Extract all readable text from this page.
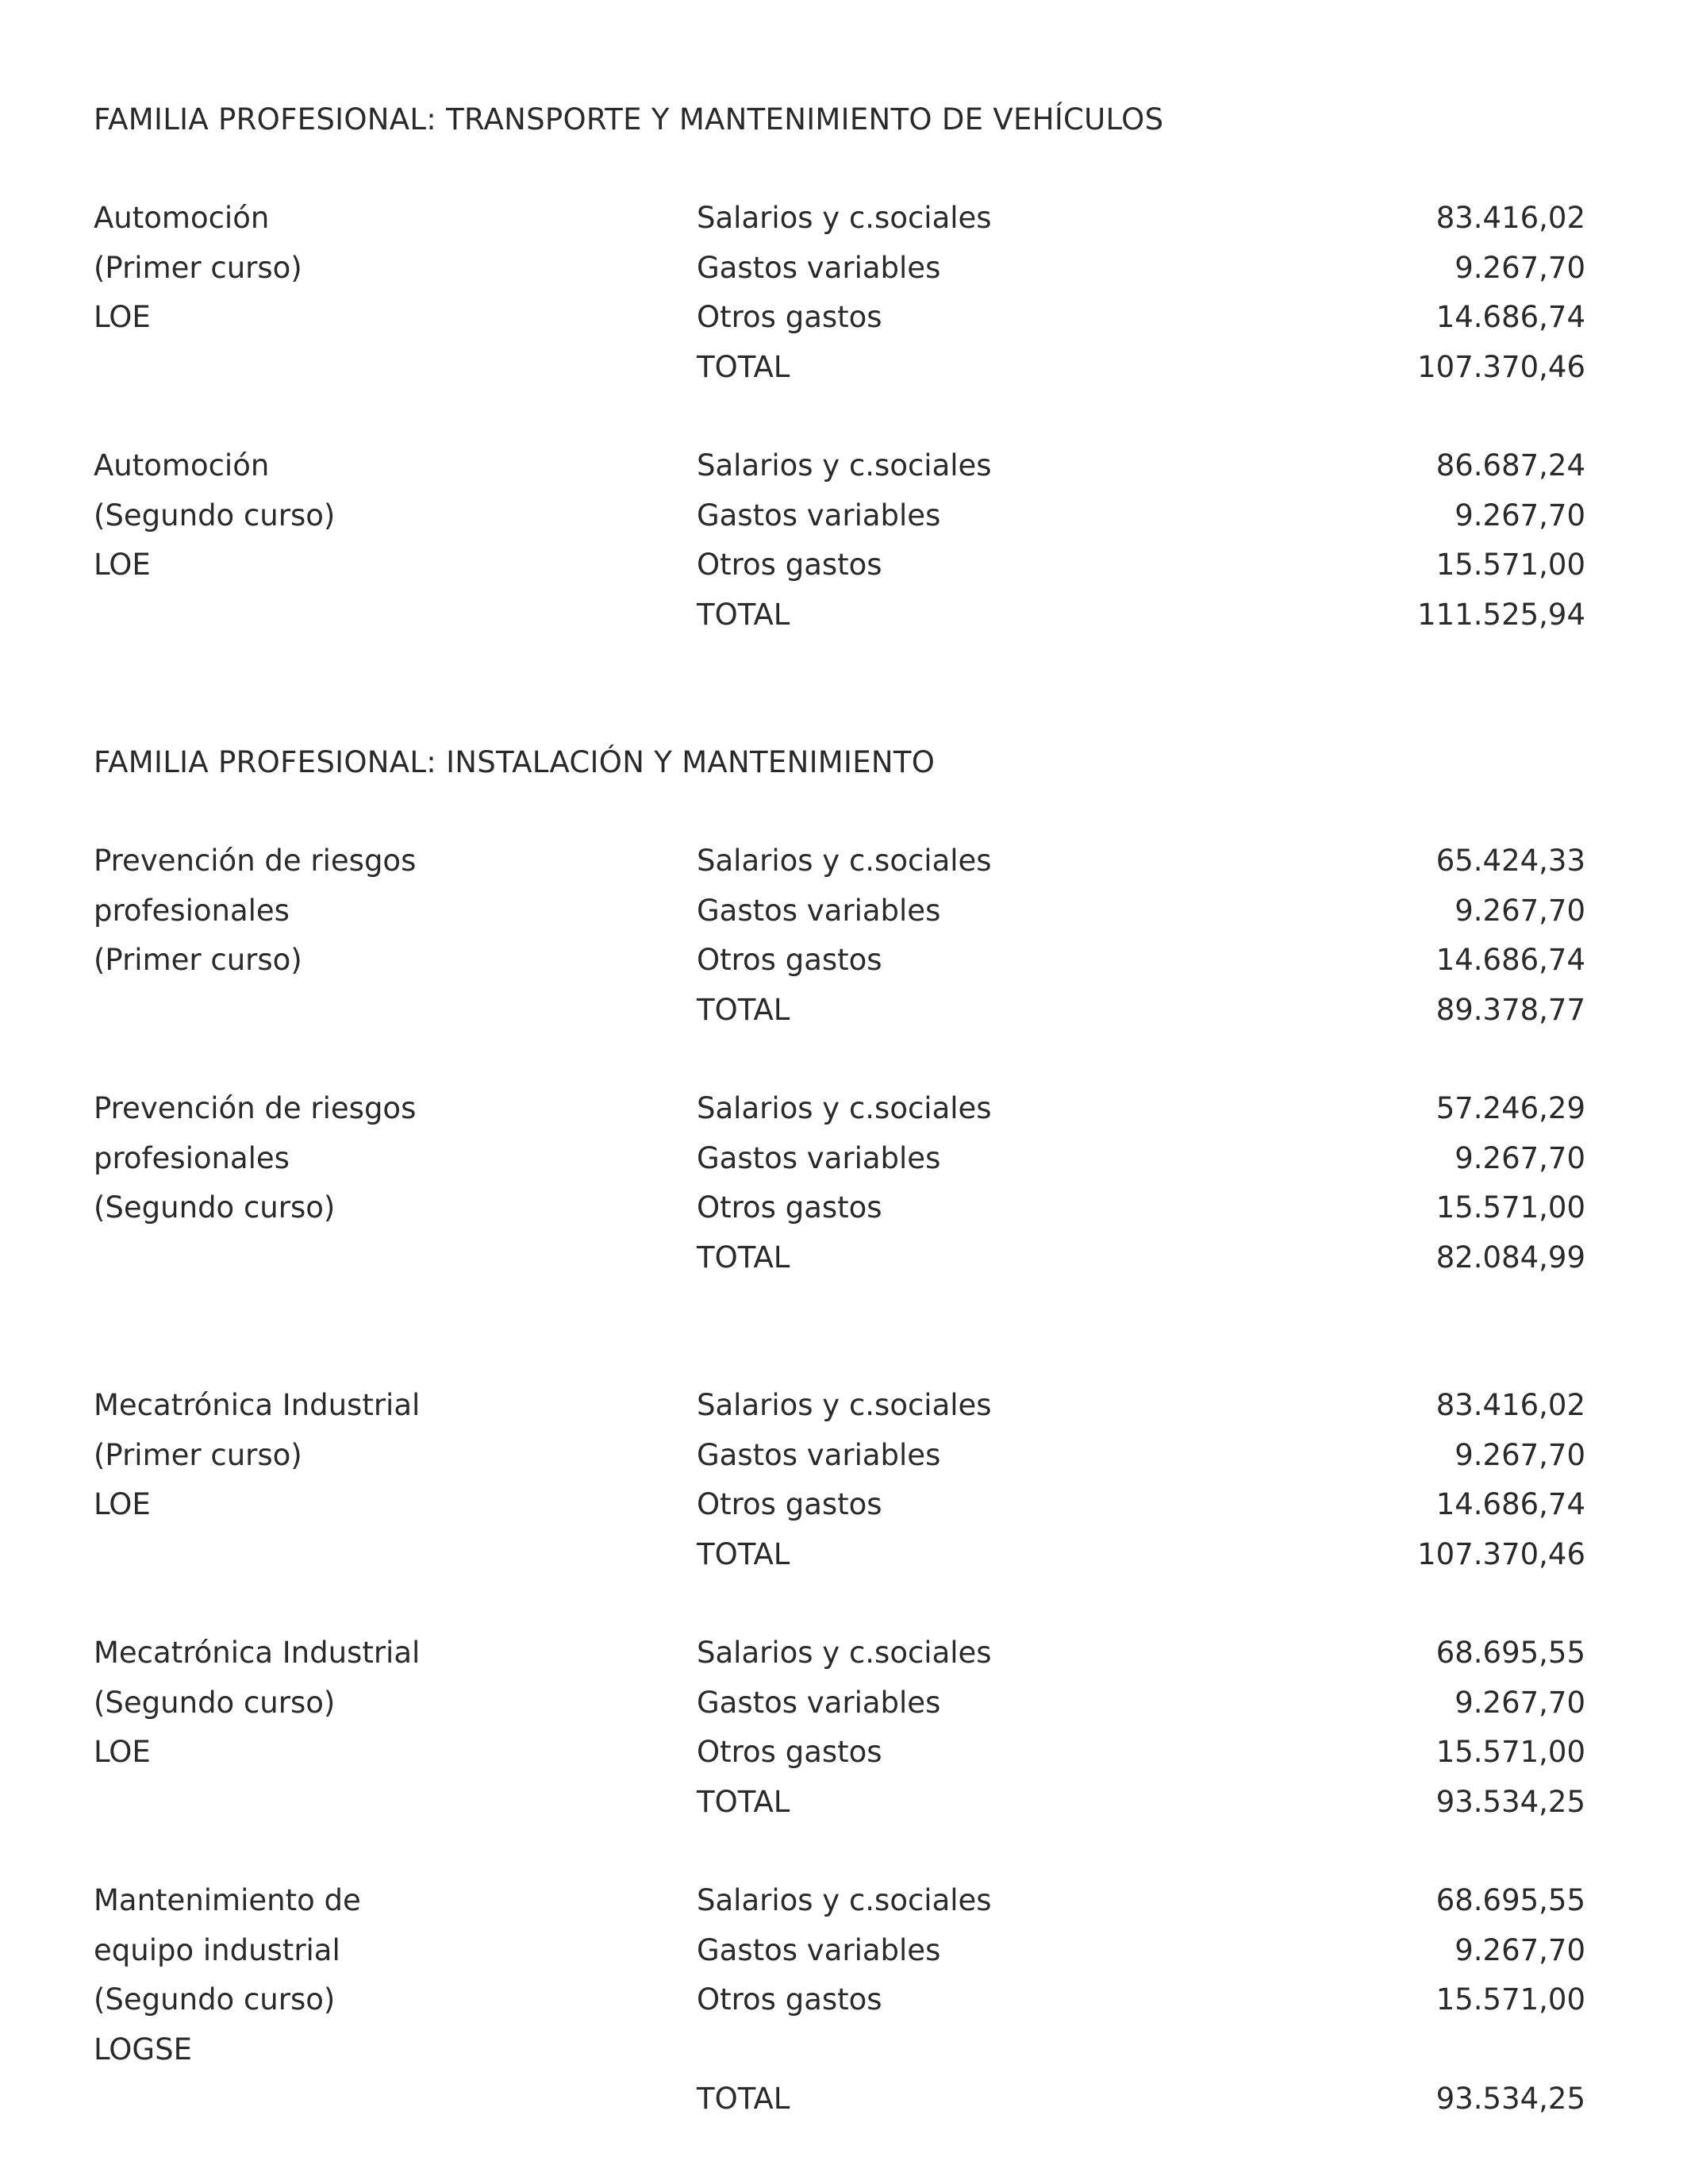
FAMILIA PROFESIONAL: TRANSPORTE Y MANTENIMIENTO DE VEHÍCULOS
Automoción
(Primer curso)
LOE
Salarios y c.sociales	83.416,02
Gastos variables	9.267,70
Otros gastos	14.686,74
TOTAL	107.370,46
Automoción
(Segundo curso)
LOE
Salarios y c.sociales	86.687,24
Gastos variables	9.267,70
Otros gastos	15.571,00
TOTAL	111.525,94
FAMILIA PROFESIONAL: INSTALACIÓN Y MANTENIMIENTO
Prevención de riesgos
profesionales
(Primer curso)
Salarios y c.sociales	65.424,33
Gastos variables	9.267,70
Otros gastos	14.686,74
TOTAL	89.378,77
Prevención de riesgos
profesionales
(Segundo curso)
Salarios y c.sociales	57.246,29
Gastos variables	9.267,70
Otros gastos	15.571,00
TOTAL	82.084,99
Mecatrónica Industrial
(Primer curso)
LOE
Salarios y c.sociales	83.416,02
Gastos variables	9.267,70
Otros gastos	14.686,74
TOTAL	107.370,46
Mecatrónica Industrial
(Segundo curso)
LOE
Salarios y c.sociales	68.695,55
Gastos variables	9.267,70
Otros gastos	15.571,00
TOTAL	93.534,25
Mantenimiento de
equipo industrial
(Segundo curso)
LOGSE
Salarios y c.sociales	68.695,55
Gastos variables	9.267,70
Otros gastos	15.571,00
TOTAL	93.534,25
